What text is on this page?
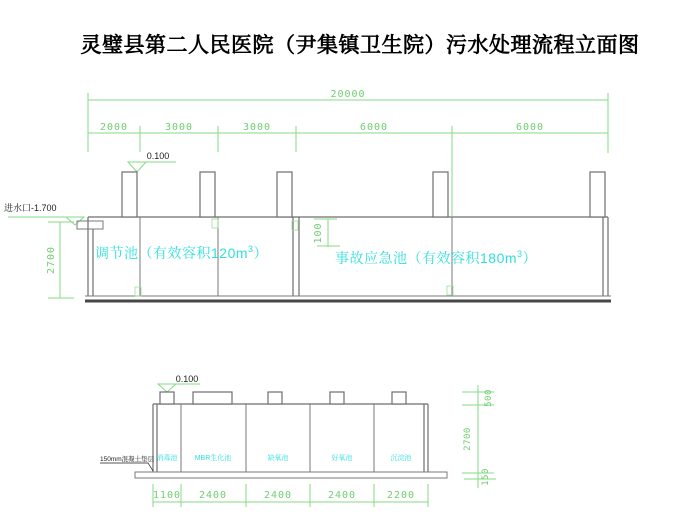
灵璧县第二人民医院（尹集镇卫生院）污水处理流程立面图
20000
2000	3000	3000	6000	6000
0.100
进水口-1.700
2700
100
调节池（有效容积$120m^3$）	事故应急池（有效容积$180m^3$）
0.100
150mm混凝土垫层 消毒池 MBR生化池	缺氧池	好氧池	沉淀池
1100 2400	2400	2400	2200
500
2700
150
